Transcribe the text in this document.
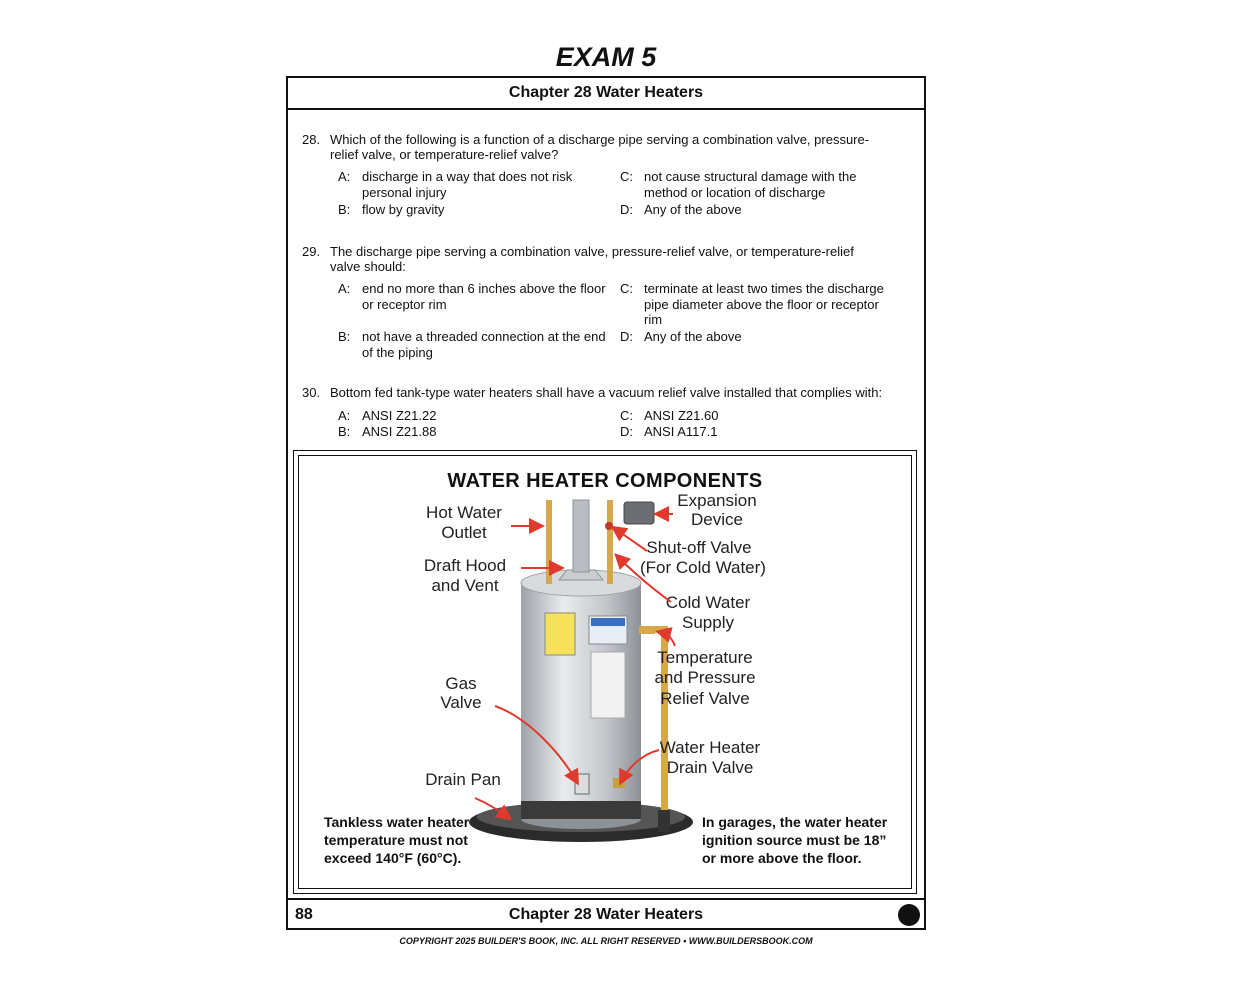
EXAM 5
Chapter 28 Water Heaters
28. Which of the following is a function of a discharge pipe serving a combination valve, pressure-
relief valve, or temperature-relief valve?
A: discharge in a way that does not risk
personal injury
B: flow by gravity
C: not cause structural damage with the
method or location of discharge
D: Any of the above
29. The discharge pipe serving a combination valve, pressure-relief valve, or temperature-relief
valve should:
A: end no more than 6 inches above the floor
or receptor rim
B: not have a threaded connection at the end
of the piping
C: terminate at least two times the discharge
pipe diameter above the floor or receptor
rim
D: Any of the above
30. Bottom fed tank-type water heaters shall have a vacuum relief valve installed that complies with:
A: ANSI Z21.22
B: ANSI Z21.88
C: ANSI Z21.60
D: ANSI A117.1
WATER HEATER COMPONENTS
Hot Water
Outlet
Draft Hood
and Vent
Expansion
Device
Shut-off Valve
(For Cold Water)
Cold Water
Supply
Temperature
and Pressure
Relief Valve
Gas
Valve
Water Heater
Drain Valve
Drain Pan
Tankless water heater
temperature must not
exceed 140°F (60°C).
In garages, the water heater
ignition source must be 18”
or more above the floor.
88	Chapter 28 Water Heaters
COPYRIGHT 2025 BUILDER'S BOOK, INC. ALL RIGHT RESERVED • WWW.BUILDERSBOOK.COM
